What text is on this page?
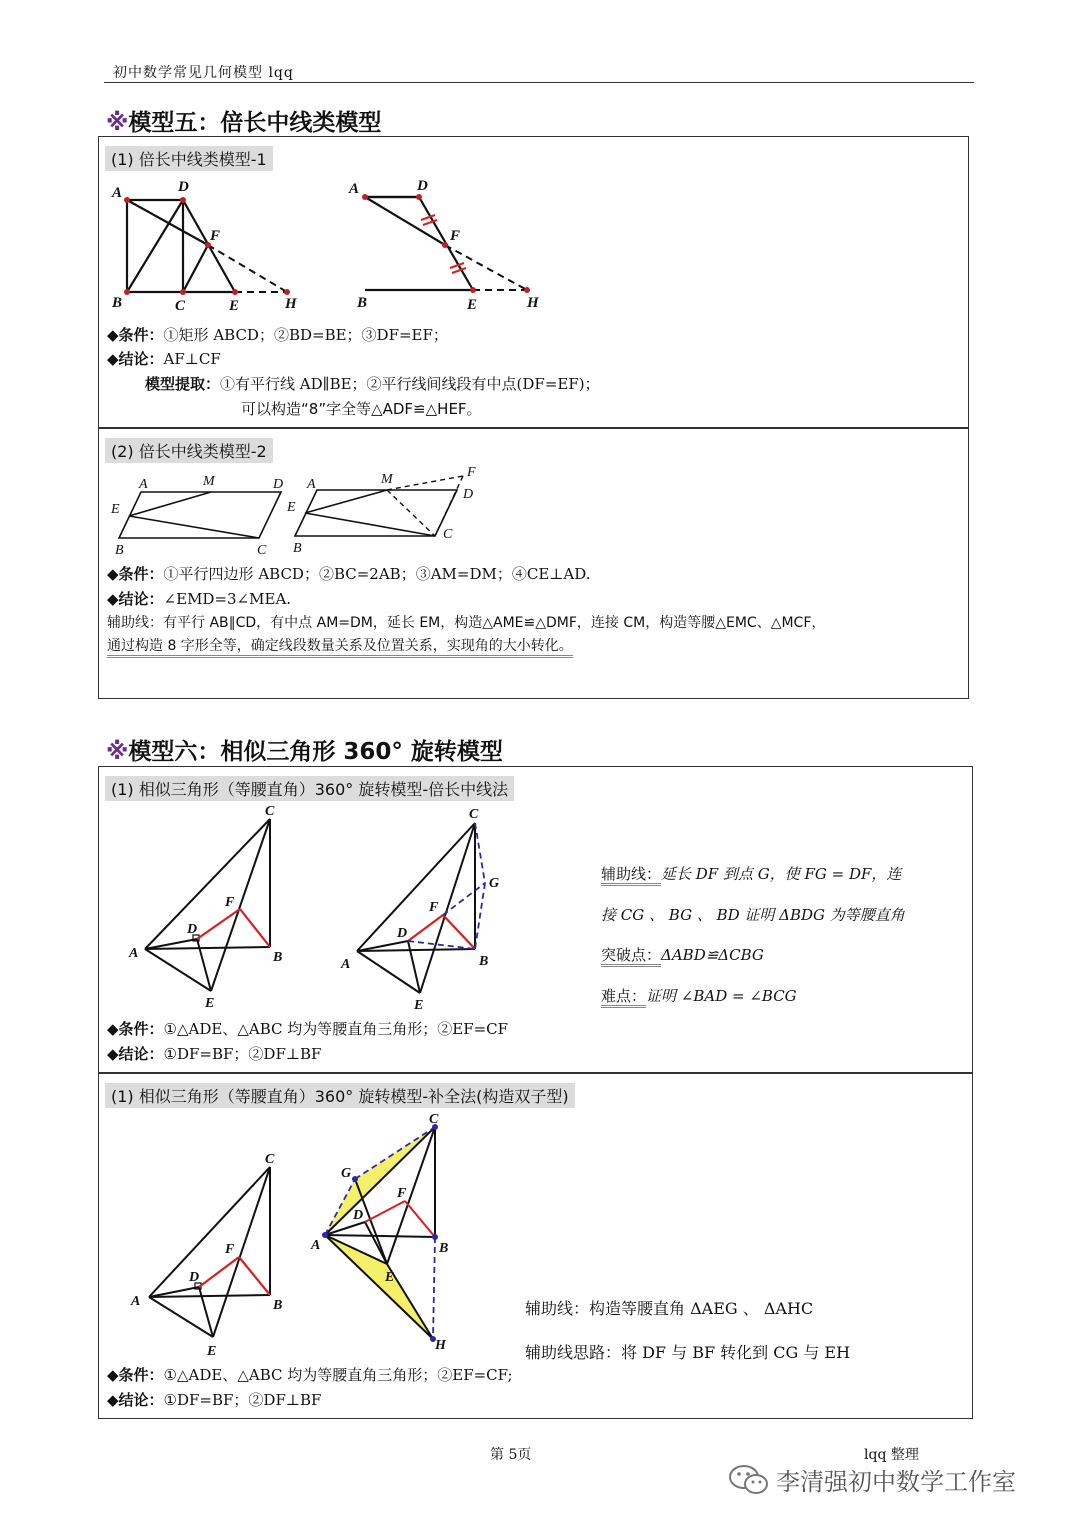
初中数学常见几何模型 lqq
※模型五：倍长中线类模型
(1) 倍长中线类模型-1
A	D
F
B	C	E	H
A	D
F
B	E	H
◆条件：①矩形 ABCD；②BD=BE；③DF=EF；
◆结论：AF⊥CF
模型提取：①有平行线 AD∥BE；②平行线间线段有中点(DF=EF)；
可以构造“8”字全等△ADF≌△HEF。
(2) 倍长中线类模型-2
A	M	D
E
B	C
A	M	F
D
E
B
C
◆条件：①平行四边形 ABCD；②BC=2AB；③AM=DM；④CE⊥AD.
◆结论：∠EMD=3∠MEA.
辅助线：有平行 AB∥CD，有中点 AM=DM，延长 EM，构造△AME≌△DMF，连接 CM，构造等腰△EMC、△MCF，
通过构造 8 字形全等，确定线段数量关系及位置关系，实现角的大小转化。
※模型六：相似三角形 360° 旋转模型
(1) 相似三角形（等腰直角）360° 旋转模型-倍长中线法
C
F
D
A	B
E
C
G
F
D
A	B
E
辅助线：延长 DF 到点 G，使 FG = DF，连
接 CG 、 BG 、 BD 证明 ΔBDG 为等腰直角
突破点：ΔABD≌ΔCBG
难点：证明 ∠BAD = ∠BCG
◆条件：①△ADE、△ABC 均为等腰直角三角形；②EF=CF
◆结论：①DF=BF；②DF⊥BF
(1) 相似三角形（等腰直角）360° 旋转模型-补全法(构造双子型)
C
F
D
A	B
E
C
G
F
D
A	B
E
H
辅助线：构造等腰直角 ΔAEG 、 ΔAHC
辅助线思路：将 DF 与 BF 转化到 CG 与 EH
◆条件：①△ADE、△ABC 均为等腰直角三角形；②EF=CF;
◆结论：①DF=BF；②DF⊥BF
第 5页	lqq 整理
李清强初中数学工作室
